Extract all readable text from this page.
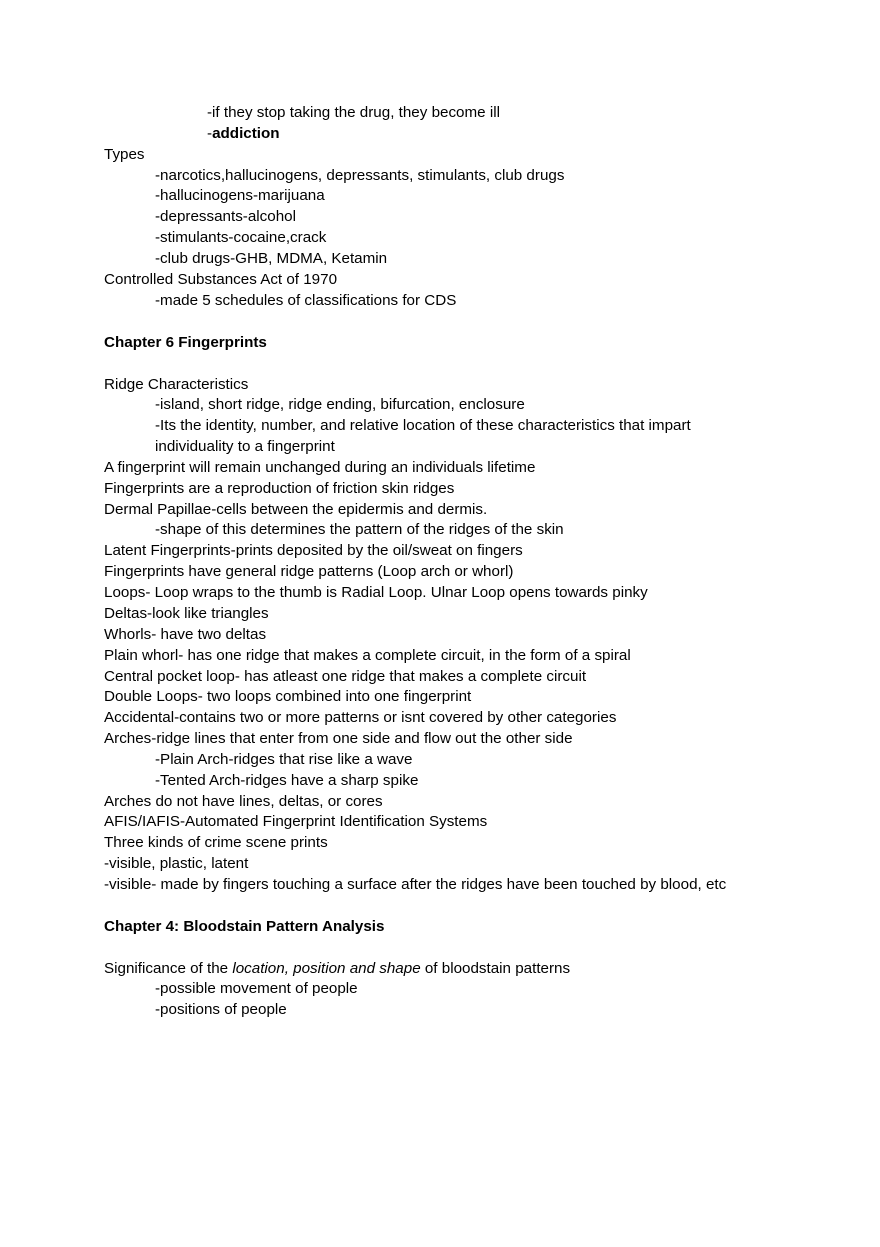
-if they stop taking the drug, they become ill
-addiction
Types
-narcotics,hallucinogens, depressants, stimulants, club drugs
-hallucinogens-marijuana
-depressants-alcohol
-stimulants-cocaine,crack
-club drugs-GHB, MDMA, Ketamin
Controlled Substances Act of 1970
-made 5 schedules of classifications for CDS
Chapter 6 Fingerprints
Ridge Characteristics
-island, short ridge, ridge ending, bifurcation, enclosure
-Its the identity, number, and relative location of these characteristics that impart
individuality to a fingerprint
A fingerprint will remain unchanged during an individuals lifetime
Fingerprints are a reproduction of friction skin ridges
Dermal Papillae-cells between the epidermis and dermis.
-shape of this determines the pattern of the ridges of the skin
Latent Fingerprints-prints deposited by the oil/sweat on fingers
Fingerprints have general ridge patterns (Loop arch or whorl)
Loops- Loop wraps to the thumb is Radial Loop. Ulnar Loop opens towards pinky
Deltas-look like triangles
Whorls- have two deltas
Plain whorl- has one ridge that makes a complete circuit, in the form of a spiral
Central pocket loop- has atleast one ridge that makes a complete circuit
Double Loops- two loops combined into one fingerprint
Accidental-contains two or more patterns or isnt covered by other categories
Arches-ridge lines that enter from one side and flow out the other side
-Plain Arch-ridges that rise like a wave
-Tented Arch-ridges have a sharp spike
Arches do not have lines, deltas, or cores
AFIS/IAFIS-Automated Fingerprint Identification Systems
Three kinds of crime scene prints
-visible, plastic, latent
-visible- made by fingers touching a surface after the ridges have been touched by blood, etc
Chapter 4: Bloodstain Pattern Analysis
Significance of the location, position and shape of bloodstain patterns
-possible movement of people
-positions of people
